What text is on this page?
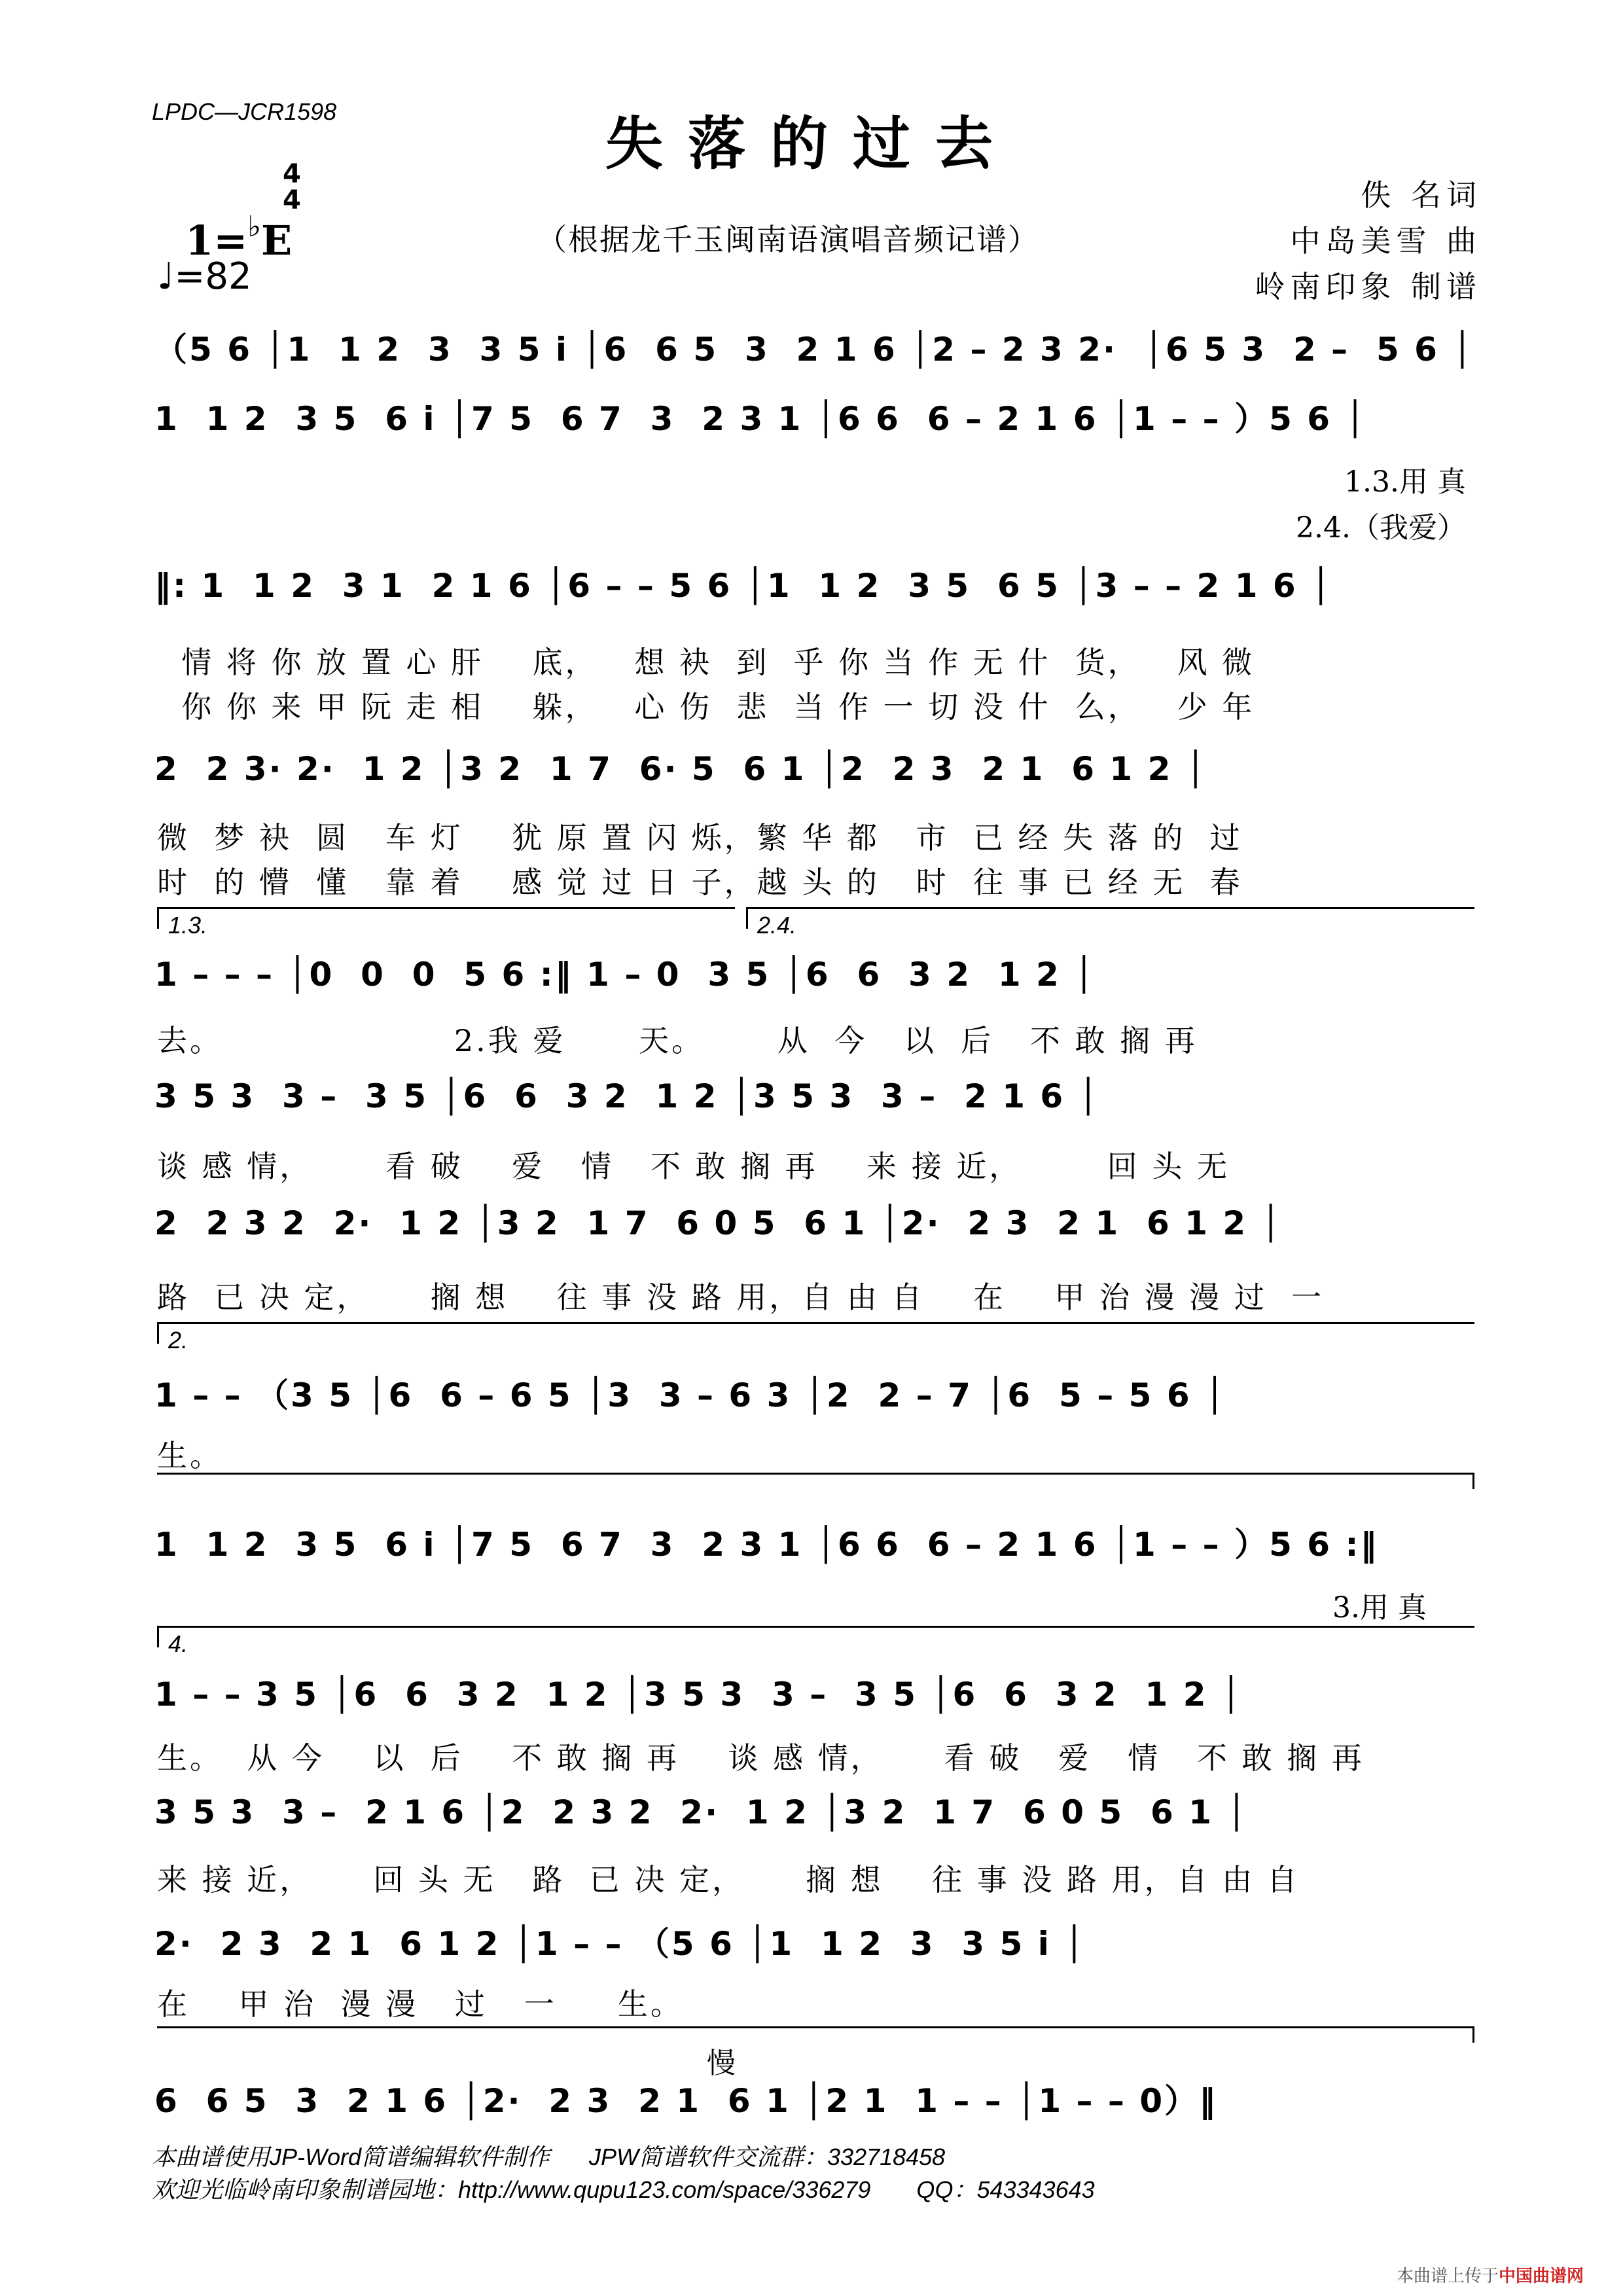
LPDC—JCR1598	失落的过去

1=♭E

4
4
♩=82
（根据龙千玉闽南语演唱音频记谱）
佚 名词
中岛美雪 曲
岭南印象 制谱
（5 6 │1  1 2  3  3 5 i │6  6 5  3  2 1 6 │2 – 2 3 2·  │6 5 3  2 –  5 6 │
1  1 2  3 5  6 i │7 5  6 7  3  2 3 1 │6 6  6 – 2 1 6 │1 – – ）5 6 │
1.3.用 真
2.4.（我爱）
‖: 1  1 2  3 1  2 1 6 │6 – – 5 6 │1  1 2  3 5  6 5 │3 – – 2 1 6 │
情 将 你 放 置 心 肝    底，   想 袂  到  乎 你 当 作 无 什  货，   风 微
你 你 来 甲 阮 走 相    躲，   心 伤  悲  当 作 一 切 没 什  么，   少 年
2  2 3· 2·  1 2 │3 2  1 7  6· 5  6 1 │2  2 3  2 1  6 1 2 │
微  梦 袂  圆   车 灯    犹 原 置 闪 烁，繁 华 都   市  已 经 失 落 的  过
时  的 懵  懂   靠 着    感 觉 过 日 子，越 头 的   时  往 事 已 经 无  春
1.3.	2.4.
1 – – – │0  0  0  5 6 :‖ 1 – 0  3 5 │6  6  3 2  1 2 │
去。                   2.我 爱      天。      从  今   以  后   不 敢 搁 再
3 5 3  3 –  3 5 │6  6  3 2  1 2 │3 5 3  3 –  2 1 6 │
谈 感 情，      看 破    爱   情   不 敢 搁 再    来 接 近，       回 头 无
2  2 3 2  2·  1 2 │3 2  1 7  6 0 5  6 1 │2·  2 3  2 1  6 1 2 │
路  已 决 定，     搁 想    往 事 没 路 用，自 由 自    在    甲 治 漫 漫 过  一
2.
1 – – （3 5 │6  6 – 6 5 │3  3 – 6 3 │2  2 – 7 │6  5 – 5 6 │
生。
1  1 2  3 5  6 i │7 5  6 7  3  2 3 1 │6 6  6 – 2 1 6 │1 – – ）5 6 :‖
3.用 真
4.
1 – – 3 5 │6  6  3 2  1 2 │3 5 3  3 –  3 5 │6  6  3 2  1 2 │
生。  从 今    以  后    不 敢 搁 再    谈 感 情，     看 破   爱   情   不 敢 搁 再
3 5 3  3 –  2 1 6 │2  2 3 2  2·  1 2 │3 2  1 7  6 0 5  6 1 │
来 接 近，     回 头 无   路  已 决 定，     搁 想    往 事 没 路 用，自 由 自
2·  2 3  2 1  6 1 2 │1 – – （5 6 │1  1 2  3  3 5 i │
在    甲 治  漫 漫   过   一     生。
慢
6  6 5  3  2 1 6 │2·  2 3  2 1  6 1 │2 1  1 – – │1 – – 0）‖
本曲谱使用JP-Word简谱编辑软件制作      JPW简谱软件交流群：332718458
欢迎光临岭南印象制谱园地：http://www.qupu123.com/space/336279       QQ：543343643
本曲谱上传于中国曲谱网
